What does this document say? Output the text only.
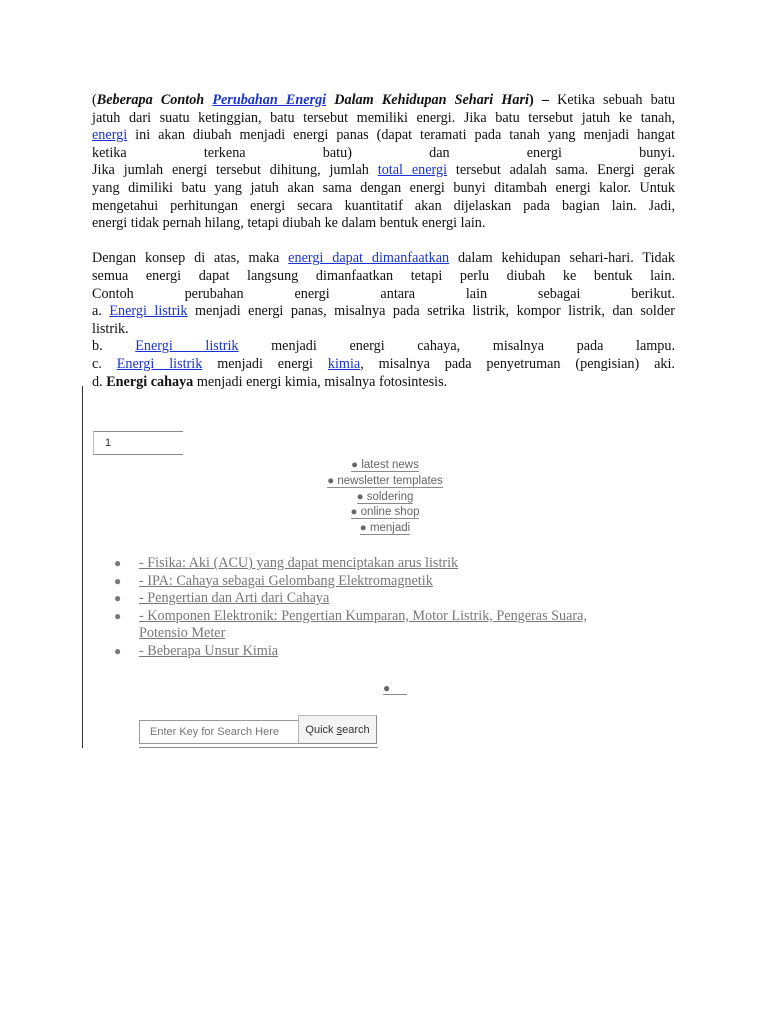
(Beberapa Contoh Perubahan Energi Dalam Kehidupan Sehari Hari) – Ketika sebuah batu
jatuh dari suatu ketinggian, batu tersebut memiliki energi. Jika batu tersebut jatuh ke tanah,
energi ini akan diubah menjadi energi panas (dapat teramati pada tanah yang menjadi hangat
ketika terkena batu) dan energi bunyi.
Jika jumlah energi tersebut dihitung, jumlah total energi tersebut adalah sama. Energi gerak
yang dimiliki batu yang jatuh akan sama dengan energi bunyi ditambah energi kalor. Untuk
mengetahui perhitungan energi secara kuantitatif akan dijelaskan pada bagian lain. Jadi,
energi tidak pernah hilang, tetapi diubah ke dalam bentuk energi lain.

Dengan konsep di atas, maka energi dapat dimanfaatkan dalam kehidupan sehari-hari. Tidak
semua energi dapat langsung dimanfaatkan tetapi perlu diubah ke bentuk lain.
Contoh perubahan energi antara lain sebagai berikut.
a. Energi listrik menjadi energi panas, misalnya pada setrika listrik, kompor listrik, dan solder
listrik.
b. Energi listrik menjadi energi cahaya, misalnya pada lampu.
c. Energi listrik menjadi energi kimia, misalnya pada penyetruman (pengisian) aki.
d. Energi cahaya menjadi energi kimia, misalnya fotosintesis.

1
● latest news
● newsletter templates
● soldering
● online shop
● menjadi
●	- Fisika: Aki (ACU) yang dapat menciptakan arus listrik
●	- IPA: Cahaya sebagai Gelombang Elektromagnetik
●	- Pengertian dan Arti dari Cahaya
●	- Komponen Elektronik: Pengertian Kumparan, Motor Listrik, Pengeras Suara,
Potensio Meter
●	- Beberapa Unsur Kimia
●
Enter Key for Search Here
Quick search
